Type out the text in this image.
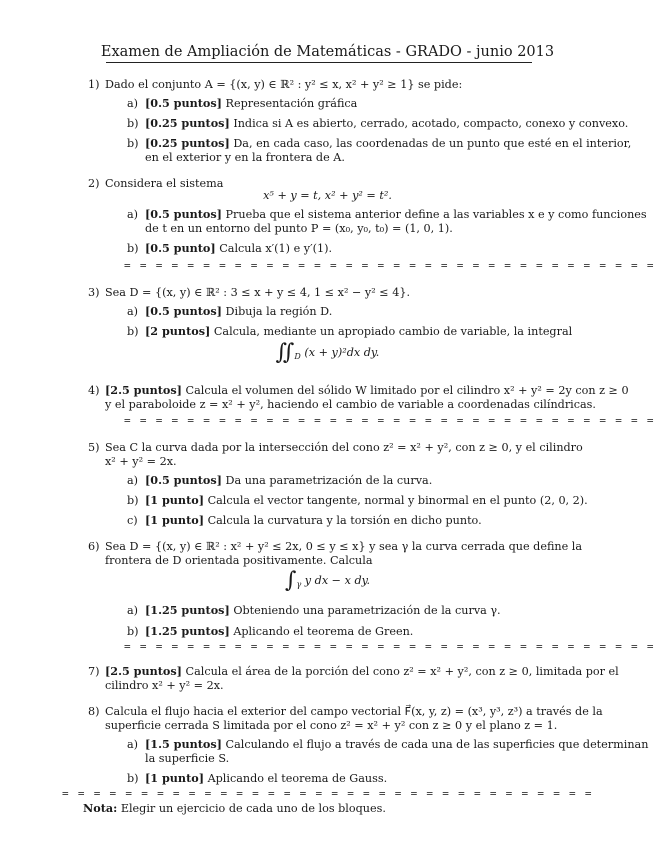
Examen de Ampliación de Matemáticas - GRADO - junio 2013
1) Dado el conjunto A = {(x, y) ∈ ℝ² : y² ≤ x, x² + y² ≥ 1} se pide:
a) [0.5 puntos] Representación gráfica
b) [0.25 puntos] Indica si A es abierto, cerrado, acotado, compacto, conexo y convexo.
b) [0.25 puntos] Da, en cada caso, las coordenadas de un punto que esté en el interior,
en el exterior y en la frontera de A.
2) Considera el sistema
x⁵ + y = t, x² + y² = t².
a) [0.5 puntos] Prueba que el sistema anterior define a las variables x e y como funciones
de t en un entorno del punto P = (x₀, y₀, t₀) = (1, 0, 1).
b) [0.5 punto] Calcula x′(1) e y′(1).
= = = = = = = = = = = = = = = = = = = = = = = = = = = = = = = = = =
3) Sea D = {(x, y) ∈ ℝ² : 3 ≤ x + y ≤ 4, 1 ≤ x² − y² ≤ 4}.
a) [0.5 puntos] Dibuja la región D.
b) [2 puntos] Calcula, mediante un apropiado cambio de variable, la integral
$∬_D$ (x + y)²dx dy.
4) [2.5 puntos] Calcula el volumen del sólido W limitado por el cilindro x² + y² = 2y con z ≥ 0
y el paraboloide z = x² + y², haciendo el cambio de variable a coordenadas cilíndricas.
= = = = = = = = = = = = = = = = = = = = = = = = = = = = = = = = = =
5) Sea C la curva dada por la intersección del cono z² = x² + y², con z ≥ 0, y el cilindro
x² + y² = 2x.
a) [0.5 puntos] Da una parametrización de la curva.
b) [1 punto] Calcula el vector tangente, normal y binormal en el punto (2, 0, 2).
c) [1 punto] Calcula la curvatura y la torsión en dicho punto.
6) Sea D = {(x, y) ∈ ℝ² : x² + y² ≤ 2x, 0 ≤ y ≤ x} y sea γ la curva cerrada que define la
frontera de D orientada positivamente. Calcula
$\int_\gamma$ y dx − x dy.
a) [1.25 puntos] Obteniendo una parametrización de la curva γ.
b) [1.25 puntos] Aplicando el teorema de Green.
= = = = = = = = = = = = = = = = = = = = = = = = = = = = = = = = = =
7) [2.5 puntos] Calcula el área de la porción del cono z² = x² + y², con z ≥ 0, limitada por el
cilindro x² + y² = 2x.
8) Calcula el flujo hacia el exterior del campo vectorial F⃗(x, y, z) = (x³, y³, z³) a través de la
superficie cerrada S limitada por el cono z² = x² + y² con z ≥ 0 y el plano z = 1.
a) [1.5 puntos] Calculando el flujo a través de cada una de las superficies que determinan
la superficie S.
b) [1 punto] Aplicando el teorema de Gauss.
= = = = = = = = = = = = = = = = = = = = = = = = = = = = = = = = = =
Nota: Elegir un ejercicio de cada uno de los bloques.
